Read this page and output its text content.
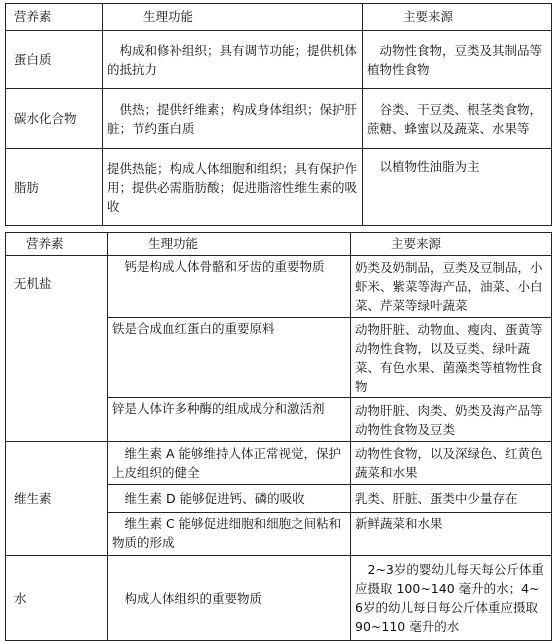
营养素	生理功能	主要来源
蛋白质	　构成和修补组织；具有调节功能；提供机体的抵抗力	　动物性食物，豆类及其制品等植物性食物
碳水化合物	　供热；提供纤维素；构成身体组织；保护肝脏；节约蛋白质	　谷类、干豆类、根茎类食物，蔗糖、蜂蜜以及蔬菜、水果等
脂肪	提供热能；构成人体细胞和组织；具有保护作用；提供必需脂肪酸；促进脂溶性维生素的吸收	　以植物性油脂为主
营养素	生理功能	主要来源
无机盐	　钙是构成人体骨骼和牙齿的重要物质	奶类及奶制品，豆类及豆制品，小虾米、紫菜等海产品，油菜、小白菜、芹菜等绿叶蔬菜
	铁是合成血红蛋白的重要原料	动物肝脏、动物血、瘦肉、蛋黄等动物性食物，以及豆类、绿叶蔬菜、有色水果、菌藻类等植物性食物
	锌是人体许多种酶的组成成分和激活剂	动物肝脏、肉类、奶类及海产品等动物性食物及豆类
维生素	　维生素 A 能够维持人体正常视觉，保护上皮组织的健全	动物性食物，以及深绿色、红黄色蔬菜和水果
	　维生素 D 能够促进钙、磷的吸收	乳类、肝脏、蛋类中少量存在
	　维生素 C 能够促进细胞和细胞之间粘和物质的形成	新鲜蔬菜和水果
水	　构成人体组织的重要物质	　2~3岁的婴幼儿每天每公斤体重应摄取 100~140 毫升的水；4~6岁的幼儿每日每公斤体重应摄取 90~110 毫升的水
